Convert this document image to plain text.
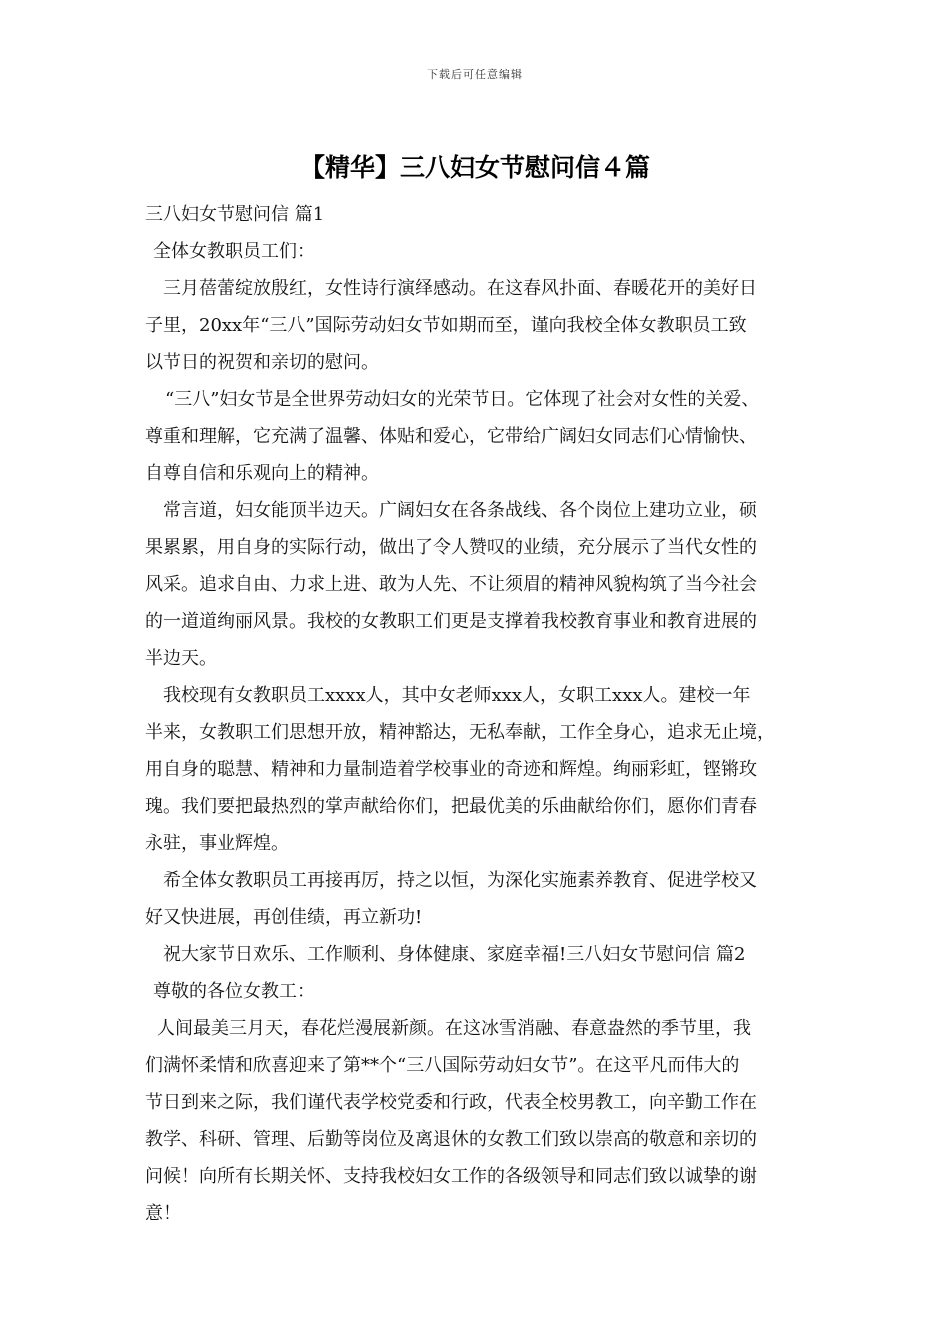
下载后可任意编辑
【精华】三八妇女节慰问信４篇
三八妇女节慰问信 篇1
全体女教职员工们：
三月蓓蕾绽放殷红，女性诗行演绎感动。在这春风扑面、春暖花开的美好日
子里，20xx年“三八”国际劳动妇女节如期而至，谨向我校全体女教职员工致
以节日的祝贺和亲切的慰问。
“三八”妇女节是全世界劳动妇女的光荣节日。它体现了社会对女性的关爱、
尊重和理解，它充满了温馨、体贴和爱心，它带给广阔妇女同志们心情愉快、
自尊自信和乐观向上的精神。
常言道，妇女能顶半边天。广阔妇女在各条战线、各个岗位上建功立业，硕
果累累，用自身的实际行动，做出了令人赞叹的业绩，充分展示了当代女性的
风采。追求自由、力求上进、敢为人先、不让须眉的精神风貌构筑了当今社会
的一道道绚丽风景。我校的女教职工们更是支撑着我校教育事业和教育进展的
半边天。
我校现有女教职员工xxxx人，其中女老师xxx人，女职工xxx人。建校一年
半来，女教职工们思想开放，精神豁达，无私奉献，工作全身心，追求无止境，
用自身的聪慧、精神和力量制造着学校事业的奇迹和辉煌。绚丽彩虹，铿锵玫
瑰。我们要把最热烈的掌声献给你们，把最优美的乐曲献给你们，愿你们青春
永驻，事业辉煌。
希全体女教职员工再接再厉，持之以恒，为深化实施素养教育、促进学校又
好又快进展，再创佳绩，再立新功!
祝大家节日欢乐、工作顺利、身体健康、家庭幸福!三八妇女节慰问信 篇2
尊敬的各位女教工：
人间最美三月天，春花烂漫展新颜。在这冰雪消融、春意盎然的季节里，我
们满怀柔情和欣喜迎来了第**个“三八国际劳动妇女节”。在这平凡而伟大的
节日到来之际，我们谨代表学校党委和行政，代表全校男教工，向辛勤工作在
教学、科研、管理、后勤等岗位及离退休的女教工们致以崇高的敬意和亲切的
问候！向所有长期关怀、支持我校妇女工作的各级领导和同志们致以诚挚的谢
意！
